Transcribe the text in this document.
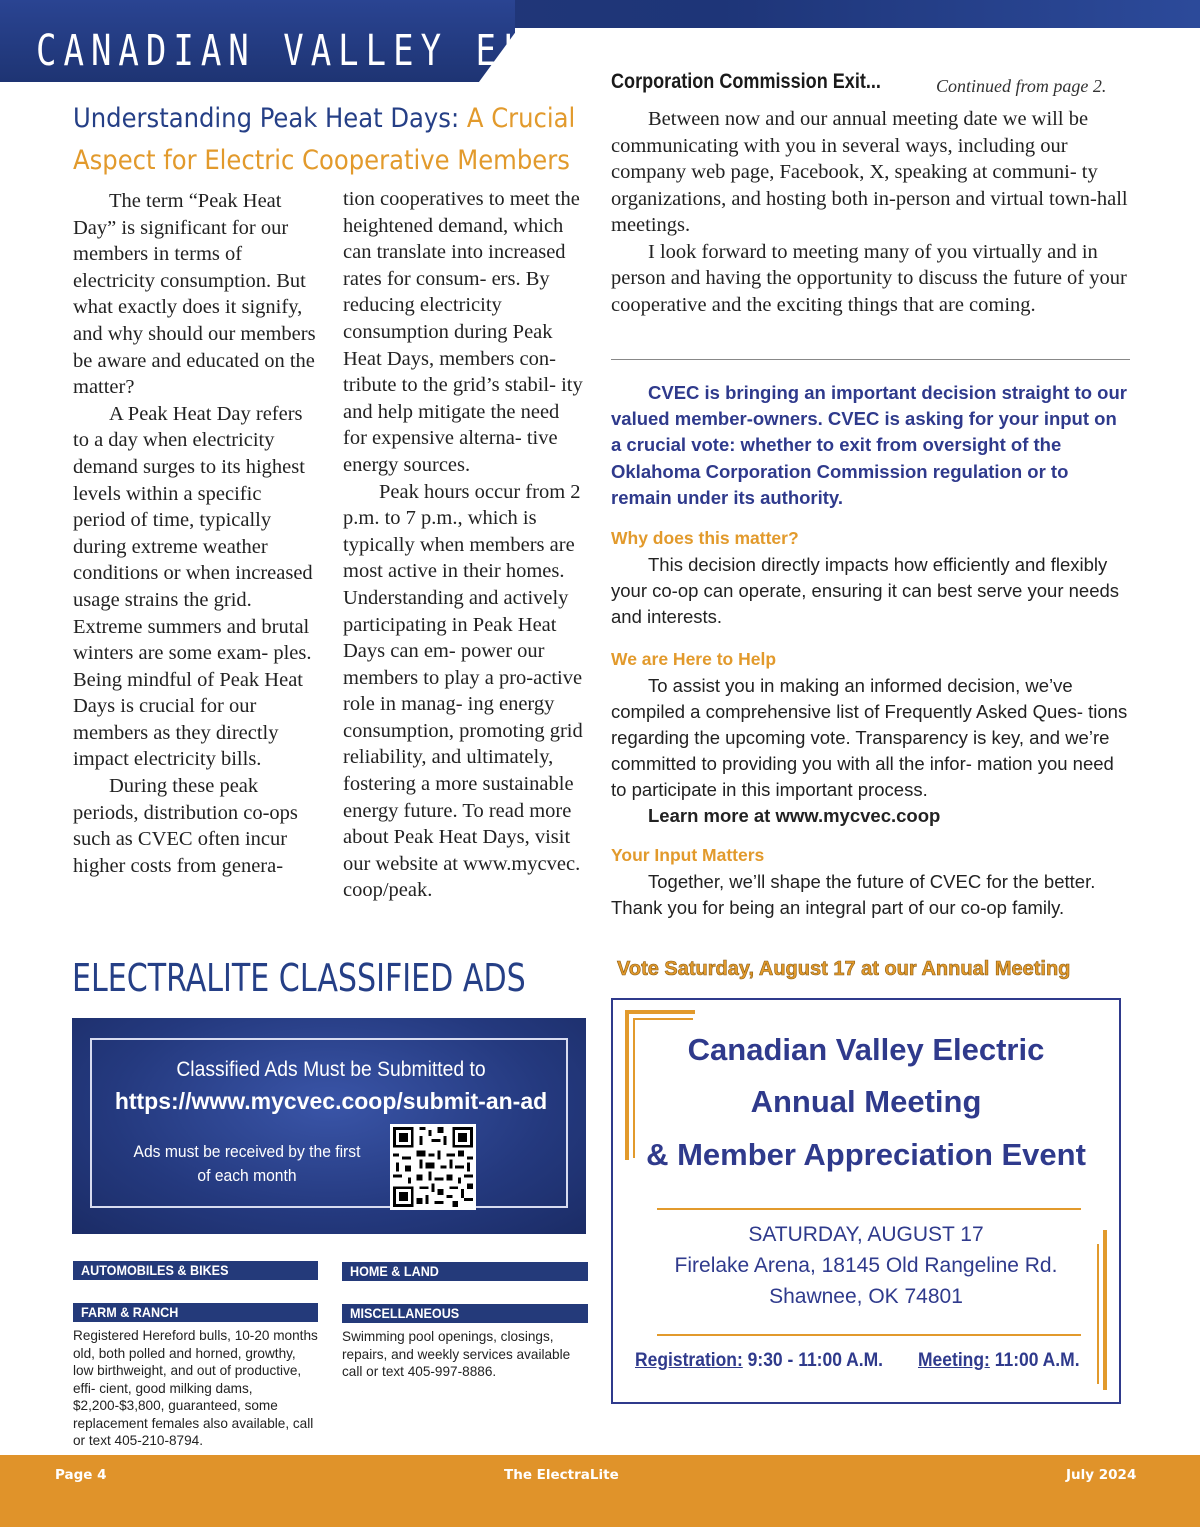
CANADIAN VALLEY ELECTRALITE
Understanding Peak Heat Days: A Crucial Aspect for Electric Cooperative Members

The term “Peak Heat Day” is significant for our members in terms of electricity consumption. But what exactly does it signify, and why should our members be aware and educated on the matter?

A Peak Heat Day refers to a day when electricity demand surges to its highest levels within a specific period of time, typically during extreme weather conditions or when increased usage strains the grid. Extreme summers and brutal winters are some exam- ples. Being mindful of Peak Heat Days is crucial for our members as they directly impact electricity bills.

During these peak periods, distribution co-ops such as CVEC often incur higher costs from genera-

tion cooperatives to meet the heightened demand, which can translate into increased rates for consum- ers. By reducing electricity consumption during Peak Heat Days, members con- tribute to the grid’s stabil- ity and help mitigate the need for expensive alterna- tive energy sources.

Peak hours occur from 2 p.m. to 7 p.m., which is typically when members are most active in their homes. Understanding and actively participating in Peak Heat Days can em- power our members to play a pro-active role in manag- ing energy consumption, promoting grid reliability, and ultimately, fostering a more sustainable energy future. To read more about Peak Heat Days, visit our website at www.mycvec. coop/peak.

Corporation Commission Exit...	Continued from page 2.

Between now and our annual meeting date we will be communicating with you in several ways, including our company web page, Facebook, X, speaking at communi- ty organizations, and hosting both in-person and virtual town-hall meetings.

I look forward to meeting many of you virtually and in person and having the opportunity to discuss the future of your cooperative and the exciting things that are coming.

CVEC is bringing an important decision straight to our valued member-owners. CVEC is asking for your input on a crucial vote: whether to exit from oversight of the Oklahoma Corporation Commission regulation or to remain under its authority.
Why does this matter?
This decision directly impacts how efficiently and flexibly your co-op can operate, ensuring it can best serve your needs and interests.
We are Here to Help
To assist you in making an informed decision, we’ve compiled a comprehensive list of Frequently Asked Ques- tions regarding the upcoming vote. Transparency is key, and we’re committed to providing you with all the infor- mation you need to participate in this important process.
Learn more at www.mycvec.coop
Your Input Matters
Together, we’ll shape the future of CVEC for the better. Thank you for being an integral part of our co-op family.
Vote Saturday, August 17 at our Annual Meeting
Canadian Valley Electric
Annual Meeting
& Member Appreciation Event
SATURDAY, AUGUST 17
Firelake Arena, 18145 Old Rangeline Rd.
Shawnee, OK 74801
Registration: 9:30 - 11:00 A.M. Meeting: 11:00 A.M.
ELECTRALITE CLASSIFIED ADS
Classified Ads Must be Submitted to
https://www.mycvec.coop/submit-an-ad
Ads must be received by the first of each month
AUTOMOBILES & BIKES	HOME & LAND
FARM & RANCH	MISCELLANEOUS
Registered Hereford bulls, 10-20 months old, both polled and horned, growthy, low birthweight, and out of productive, effi- cient, good milking dams, $2,200-$3,800, guaranteed, some replacement females also available, call or text 405-210-8794.
Swimming pool openings, closings, repairs, and weekly services available call or text 405-997-8886.
Page 4	The ElectraLite	July 2024
